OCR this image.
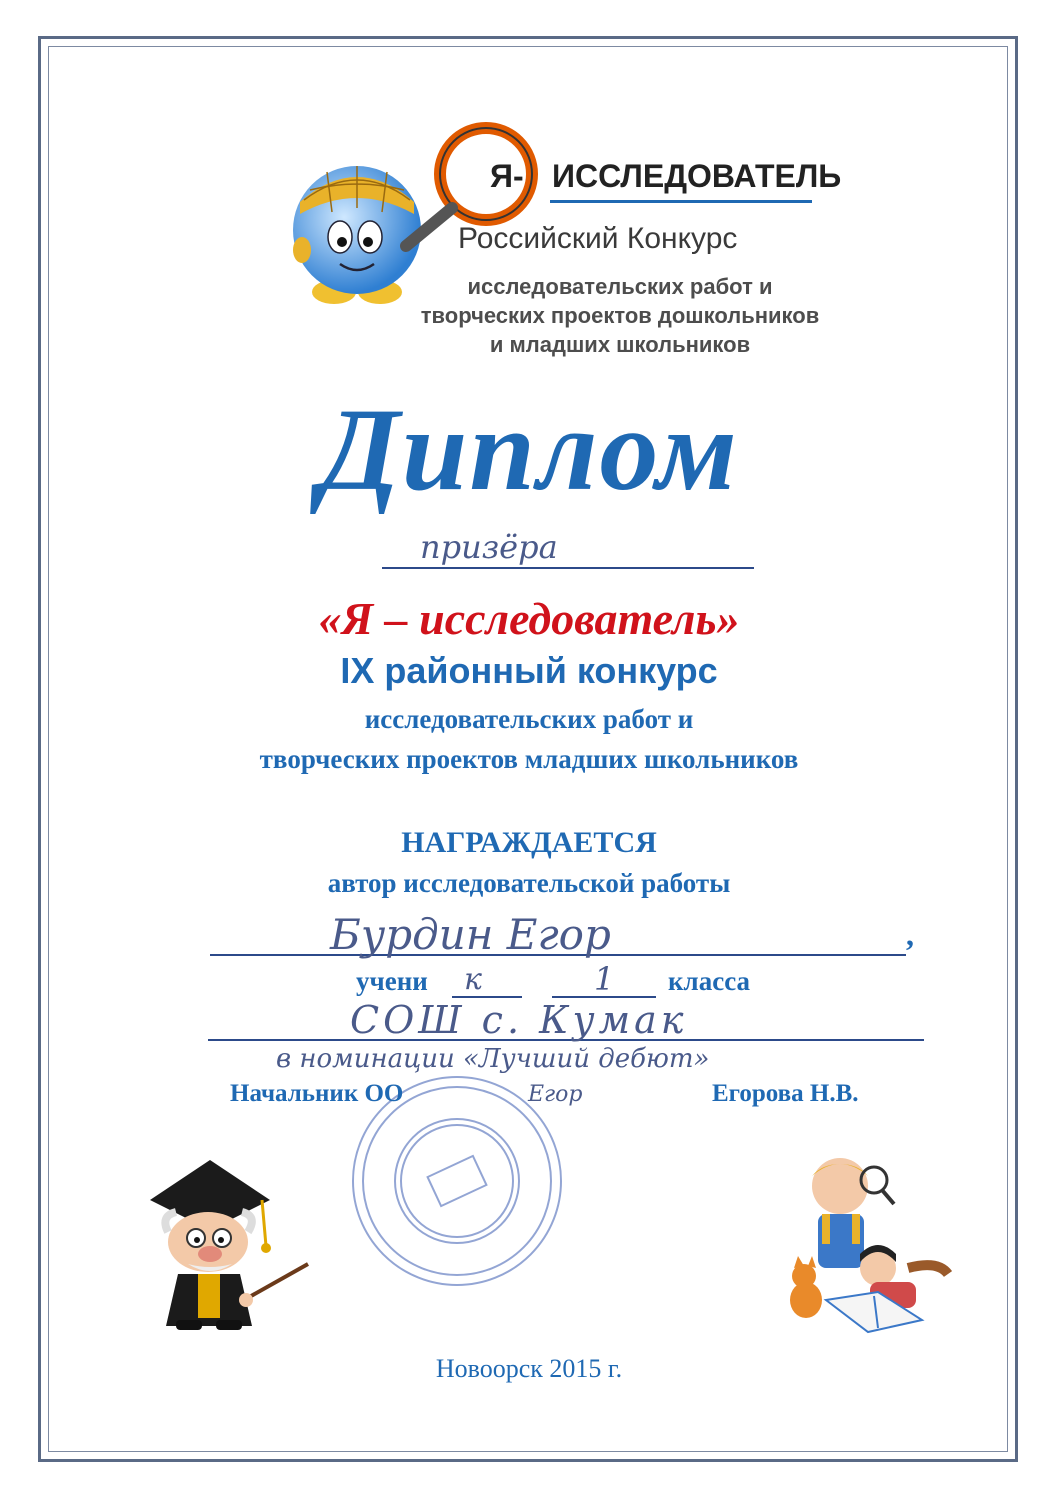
Я- ИССЛЕДОВАТЕЛЬ
Российский Конкурс
исследовательских работ и
творческих проектов дошкольников
и младших школьников
Диплом
призёра
«Я – исследователь»
IX районный конкурс
исследовательских работ и
творческих проектов младших школьников
НАГРАЖДАЕТСЯ
автор исследовательской работы
Бурдин Егор	,
учени к	1 класса
СОШ с. Кумак
в номинации «Лучший дебют»
Начальник ОО	Егор	Егорова Н.В.
Новоорск 2015 г.
